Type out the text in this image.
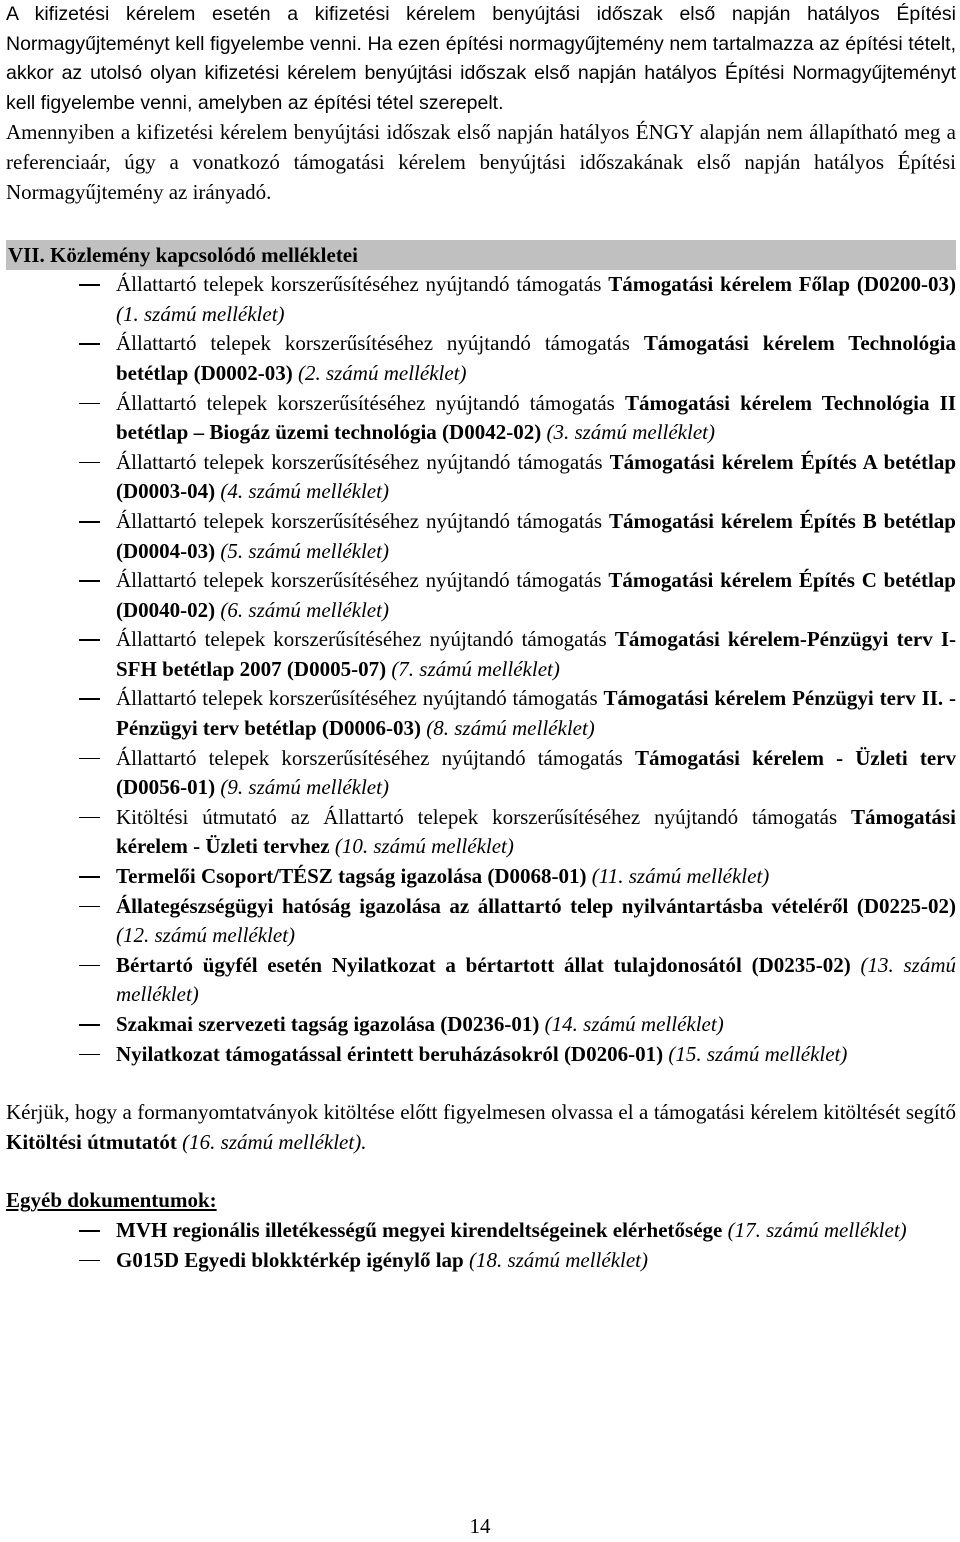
A kifizetési kérelem esetén a kifizetési kérelem benyújtási időszak első napján hatályos Építési Normagyűjteményt kell figyelembe venni. Ha ezen építési normagyűjtemény nem tartalmazza az építési tételt, akkor az utolsó olyan kifizetési kérelem benyújtási időszak első napján hatályos Építési Normagyűjteményt kell figyelembe venni, amelyben az építési tétel szerepelt.

Amennyiben a kifizetési kérelem benyújtási időszak első napján hatályos ÉNGY alapján nem állapítható meg a referenciaár, úgy a vonatkozó támogatási kérelem benyújtási időszakának első napján hatályos Építési Normagyűjtemény az irányadó.

VII. Közlemény kapcsolódó mellékletei
Állattartó telepek korszerűsítéséhez nyújtandó támogatás Támogatási kérelem Főlap (D0200-03) (1. számú melléklet)
Állattartó telepek korszerűsítéséhez nyújtandó támogatás Támogatási kérelem Technológia betétlap (D0002-03) (2. számú melléklet)
Állattartó telepek korszerűsítéséhez nyújtandó támogatás Támogatási kérelem Technológia II betétlap – Biogáz üzemi technológia (D0042-02) (3. számú melléklet)
Állattartó telepek korszerűsítéséhez nyújtandó támogatás Támogatási kérelem Építés A betétlap (D0003-04) (4. számú melléklet)
Állattartó telepek korszerűsítéséhez nyújtandó támogatás Támogatási kérelem Építés B betétlap (D0004-03) (5. számú melléklet)
Állattartó telepek korszerűsítéséhez nyújtandó támogatás Támogatási kérelem Építés C betétlap (D0040-02) (6. számú melléklet)
Állattartó telepek korszerűsítéséhez nyújtandó támogatás Támogatási kérelem-Pénzügyi terv I- SFH betétlap 2007 (D0005-07) (7. számú melléklet)
Állattartó telepek korszerűsítéséhez nyújtandó támogatás Támogatási kérelem Pénzügyi terv II. - Pénzügyi terv betétlap (D0006-03) (8. számú melléklet)
Állattartó telepek korszerűsítéséhez nyújtandó támogatás Támogatási kérelem - Üzleti terv (D0056-01) (9. számú melléklet)
Kitöltési útmutató az Állattartó telepek korszerűsítéséhez nyújtandó támogatás Támogatási kérelem - Üzleti tervhez (10. számú melléklet)
Termelői Csoport/TÉSZ tagság igazolása (D0068-01) (11. számú melléklet)
Állategészségügyi hatóság igazolása az állattartó telep nyilvántartásba vételéről (D0225-02) (12. számú melléklet)
Bértartó ügyfél esetén Nyilatkozat a bértartott állat tulajdonosától (D0235-02) (13. számú melléklet)
Szakmai szervezeti tagság igazolása (D0236-01) (14. számú melléklet)
Nyilatkozat támogatással érintett beruházásokról (D0206-01) (15. számú melléklet)

Kérjük, hogy a formanyomtatványok kitöltése előtt figyelmesen olvassa el a támogatási kérelem kitöltését segítő Kitöltési útmutatót (16. számú melléklet).

Egyéb dokumentumok:
MVH regionális illetékességű megyei kirendeltségeinek elérhetősége (17. számú melléklet)
G015D Egyedi blokktérkép igénylő lap (18. számú melléklet)
14
